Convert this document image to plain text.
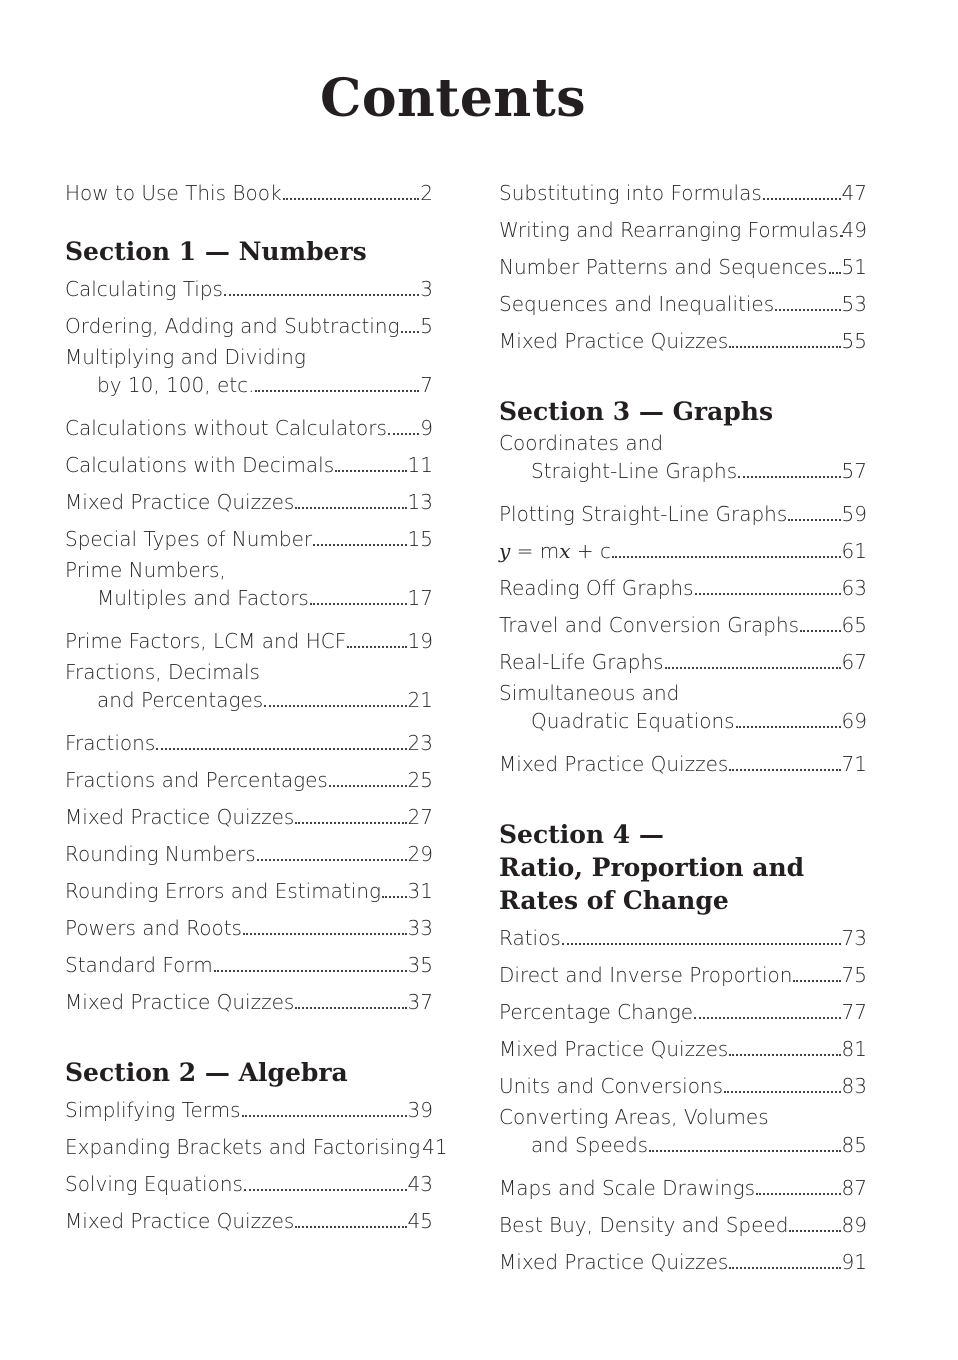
Contents
How to Use This Book	2
Section 1 — Numbers
Calculating Tips	3
Ordering, Adding and Subtracting 5
Multiplying and Dividing
by 10, 100, etc.	7
Calculations without Calculators 9
Calculations with Decimals	11
Mixed Practice Quizzes	13
Special Types of Number	15
Prime Numbers,
Multiples and Factors	17
Prime Factors, LCM and HCF	19
Fractions, Decimals
and Percentages	21
Fractions	23
Fractions and Percentages	25
Mixed Practice Quizzes	27
Rounding Numbers	29
Rounding Errors and Estimating 31
Powers and Roots	33
Standard Form	35
Mixed Practice Quizzes	37
Section 2 — Algebra
Simplifying Terms	39
Expanding Brackets and Factorising 41
Solving Equations	43
Mixed Practice Quizzes	45
Substituting into Formulas	47
Writing and Rearranging Formulas 49
Number Patterns and Sequences 51
Sequences and Inequalities	53
Mixed Practice Quizzes	55
Section 3 — Graphs
Coordinates and
Straight-Line Graphs	57
Plotting Straight-Line Graphs	59
y = mx + c	61
Reading Off Graphs	63
Travel and Conversion Graphs 65
Real-Life Graphs	67
Simultaneous and
Quadratic Equations	69
Mixed Practice Quizzes	71
Section 4 —
Ratio, Proportion and
Rates of Change
Ratios	73
Direct and Inverse Proportion 75
Percentage Change	77
Mixed Practice Quizzes	81
Units and Conversions	83
Converting Areas, Volumes
and Speeds	85
Maps and Scale Drawings	87
Best Buy, Density and Speed	89
Mixed Practice Quizzes	91
